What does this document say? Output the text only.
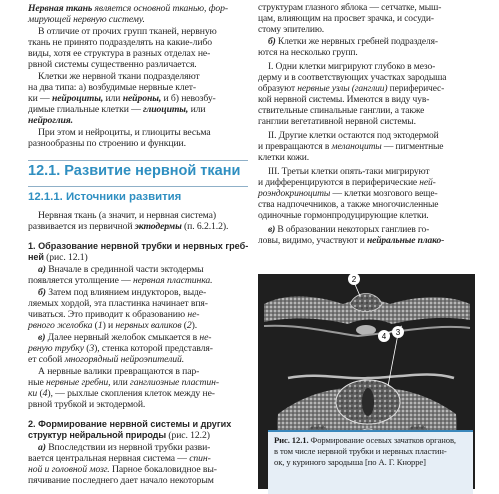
Нервная ткань является основной тканью, фор-
мирующей нервную систему.
В отличие от прочих групп тканей, нервную
ткань не принято подразделять на какие-либо
виды, хотя ее структура в разных отделах не-
рвной системы существенно различается.
Клетки же нервной ткани подразделяют
на два типа: а) возбудимые нервные клет-
ки — нейроциты, или нейроны, и б) невозбу-
димые глиальные клетки — глиоциты, или
нейроглия.
При этом и нейроциты, и глиоциты весьма
разнообразны по строению и функции.
12.1. Развитие нервной ткани
12.1.1. Источники развития
Нервная ткань (а значит, и нервная система)
развивается из первичной эктодермы (п. 6.2.1.2).
1. Образование нервной трубки и нервных греб-
ней (рис. 12.1)
а) Вначале в срединной части эктодермы
появляется утолщение — нервная пластинка.
б) Затем под влиянием индукторов, выде-
ляемых хордой, эта пластинка начинает впя-
чиваться. Это приводит к образованию не-
рвного желобка (1) и нервных валиков (2).
в) Далее нервный желобок смыкается в не-
рвную трубку (3), стенка которой представля-
ет собой многорядный нейроэпителий.
А нервные валики превращаются в пар-
ные нервные гребни, или ганглиозные пластин-
ки (4), — рыхлые скопления клеток между не-
рвной трубкой и эктодермой.
2. Формирование нервной системы и других
структур нейральной природы (рис. 12.2)
а) Впоследствии из нервной трубки разви-
вается центральная нервная система — спин-
ной и головной мозг. Парное бокаловидное вы-
пячивание последнего дает начало некоторым
структурам глазного яблока — сетчатке, мыш-
цам, влияющим на просвет зрачка, и сосуди-
стому эпителию.
б) Клетки же нервных гребней подразделя-
ются на несколько групп.
I. Одни клетки мигрируют глубоко в мезо-
дерму и в соответствующих участках зародыша
образуют нервные узлы (ганглии) периферичес-
кой нервной системы. Имеются в виду чув-
ствительные спинальные ганглии, а также
ганглии вегетативной нервной системы.
II. Другие клетки остаются под эктодермой
и превращаются в меланоциты — пигментные
клетки кожи.
III. Третьи клетки опять-таки мигрируют
и дифференцируются в периферические ней-
роэндокриноциты — клетки мозгового веще-
ства надпочечников, а также многочисленные
одиночные гормонпродуцирующие клетки.
в) В образовании некоторых ганглиев го-
ловы, видимо, участвуют и нейральные плако-
2
4 3
Рис. 12.1. Формирование осевых зачатков органов,
в том числе нервной трубки и нервных пластин-
ок, у куриного зародыша [по А. Г. Кнорре]
